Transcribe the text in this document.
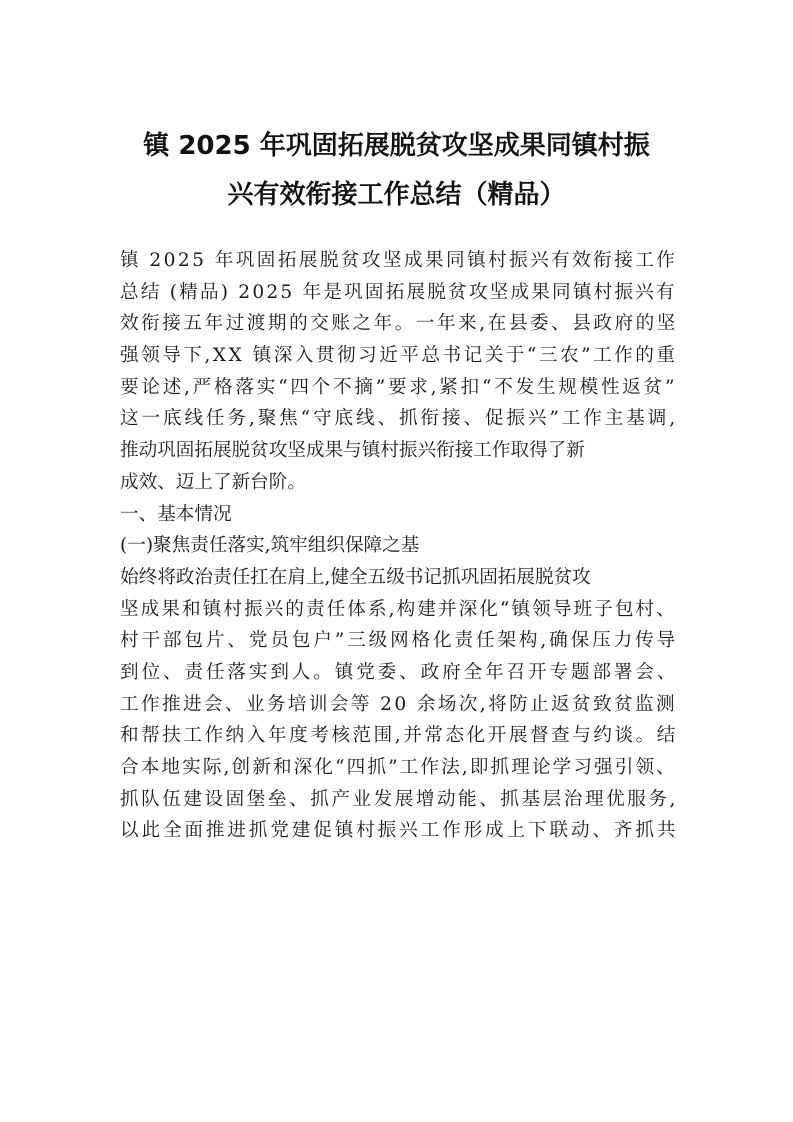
镇 2025 年巩固拓展脱贫攻坚成果同镇村振
兴有效衔接工作总结（精品）

镇 2025 年巩固拓展脱贫攻坚成果同镇村振兴有效衔接工作
总结 (精品) 2025 年是巩固拓展脱贫攻坚成果同镇村振兴有
效衔接五年过渡期的交账之年。一年来,在县委、县政府的坚
强领导下,XX 镇深入贯彻习近平总书记关于“三农”工作的重
要论述,严格落实“四个不摘”要求,紧扣“不发生规模性返贫”
这一底线任务,聚焦“守底线、抓衔接、促振兴”工作主基调,
推动巩固拓展脱贫攻坚成果与镇村振兴衔接工作取得了新
成效、迈上了新台阶。

一、基本情况

(一)聚焦责任落实,筑牢组织保障之基

始终将政治责任扛在肩上,健全五级书记抓巩固拓展脱贫攻
坚成果和镇村振兴的责任体系,构建并深化“镇领导班子包村、
村干部包片、党员包户”三级网格化责任架构,确保压力传导
到位、责任落实到人。镇党委、政府全年召开专题部署会、
工作推进会、业务培训会等 20 余场次,将防止返贫致贫监测
和帮扶工作纳入年度考核范围,并常态化开展督查与约谈。结
合本地实际,创新和深化“四抓”工作法,即抓理论学习强引领、
抓队伍建设固堡垒、抓产业发展增动能、抓基层治理优服务,
以此全面推进抓党建促镇村振兴工作形成上下联动、齐抓共
